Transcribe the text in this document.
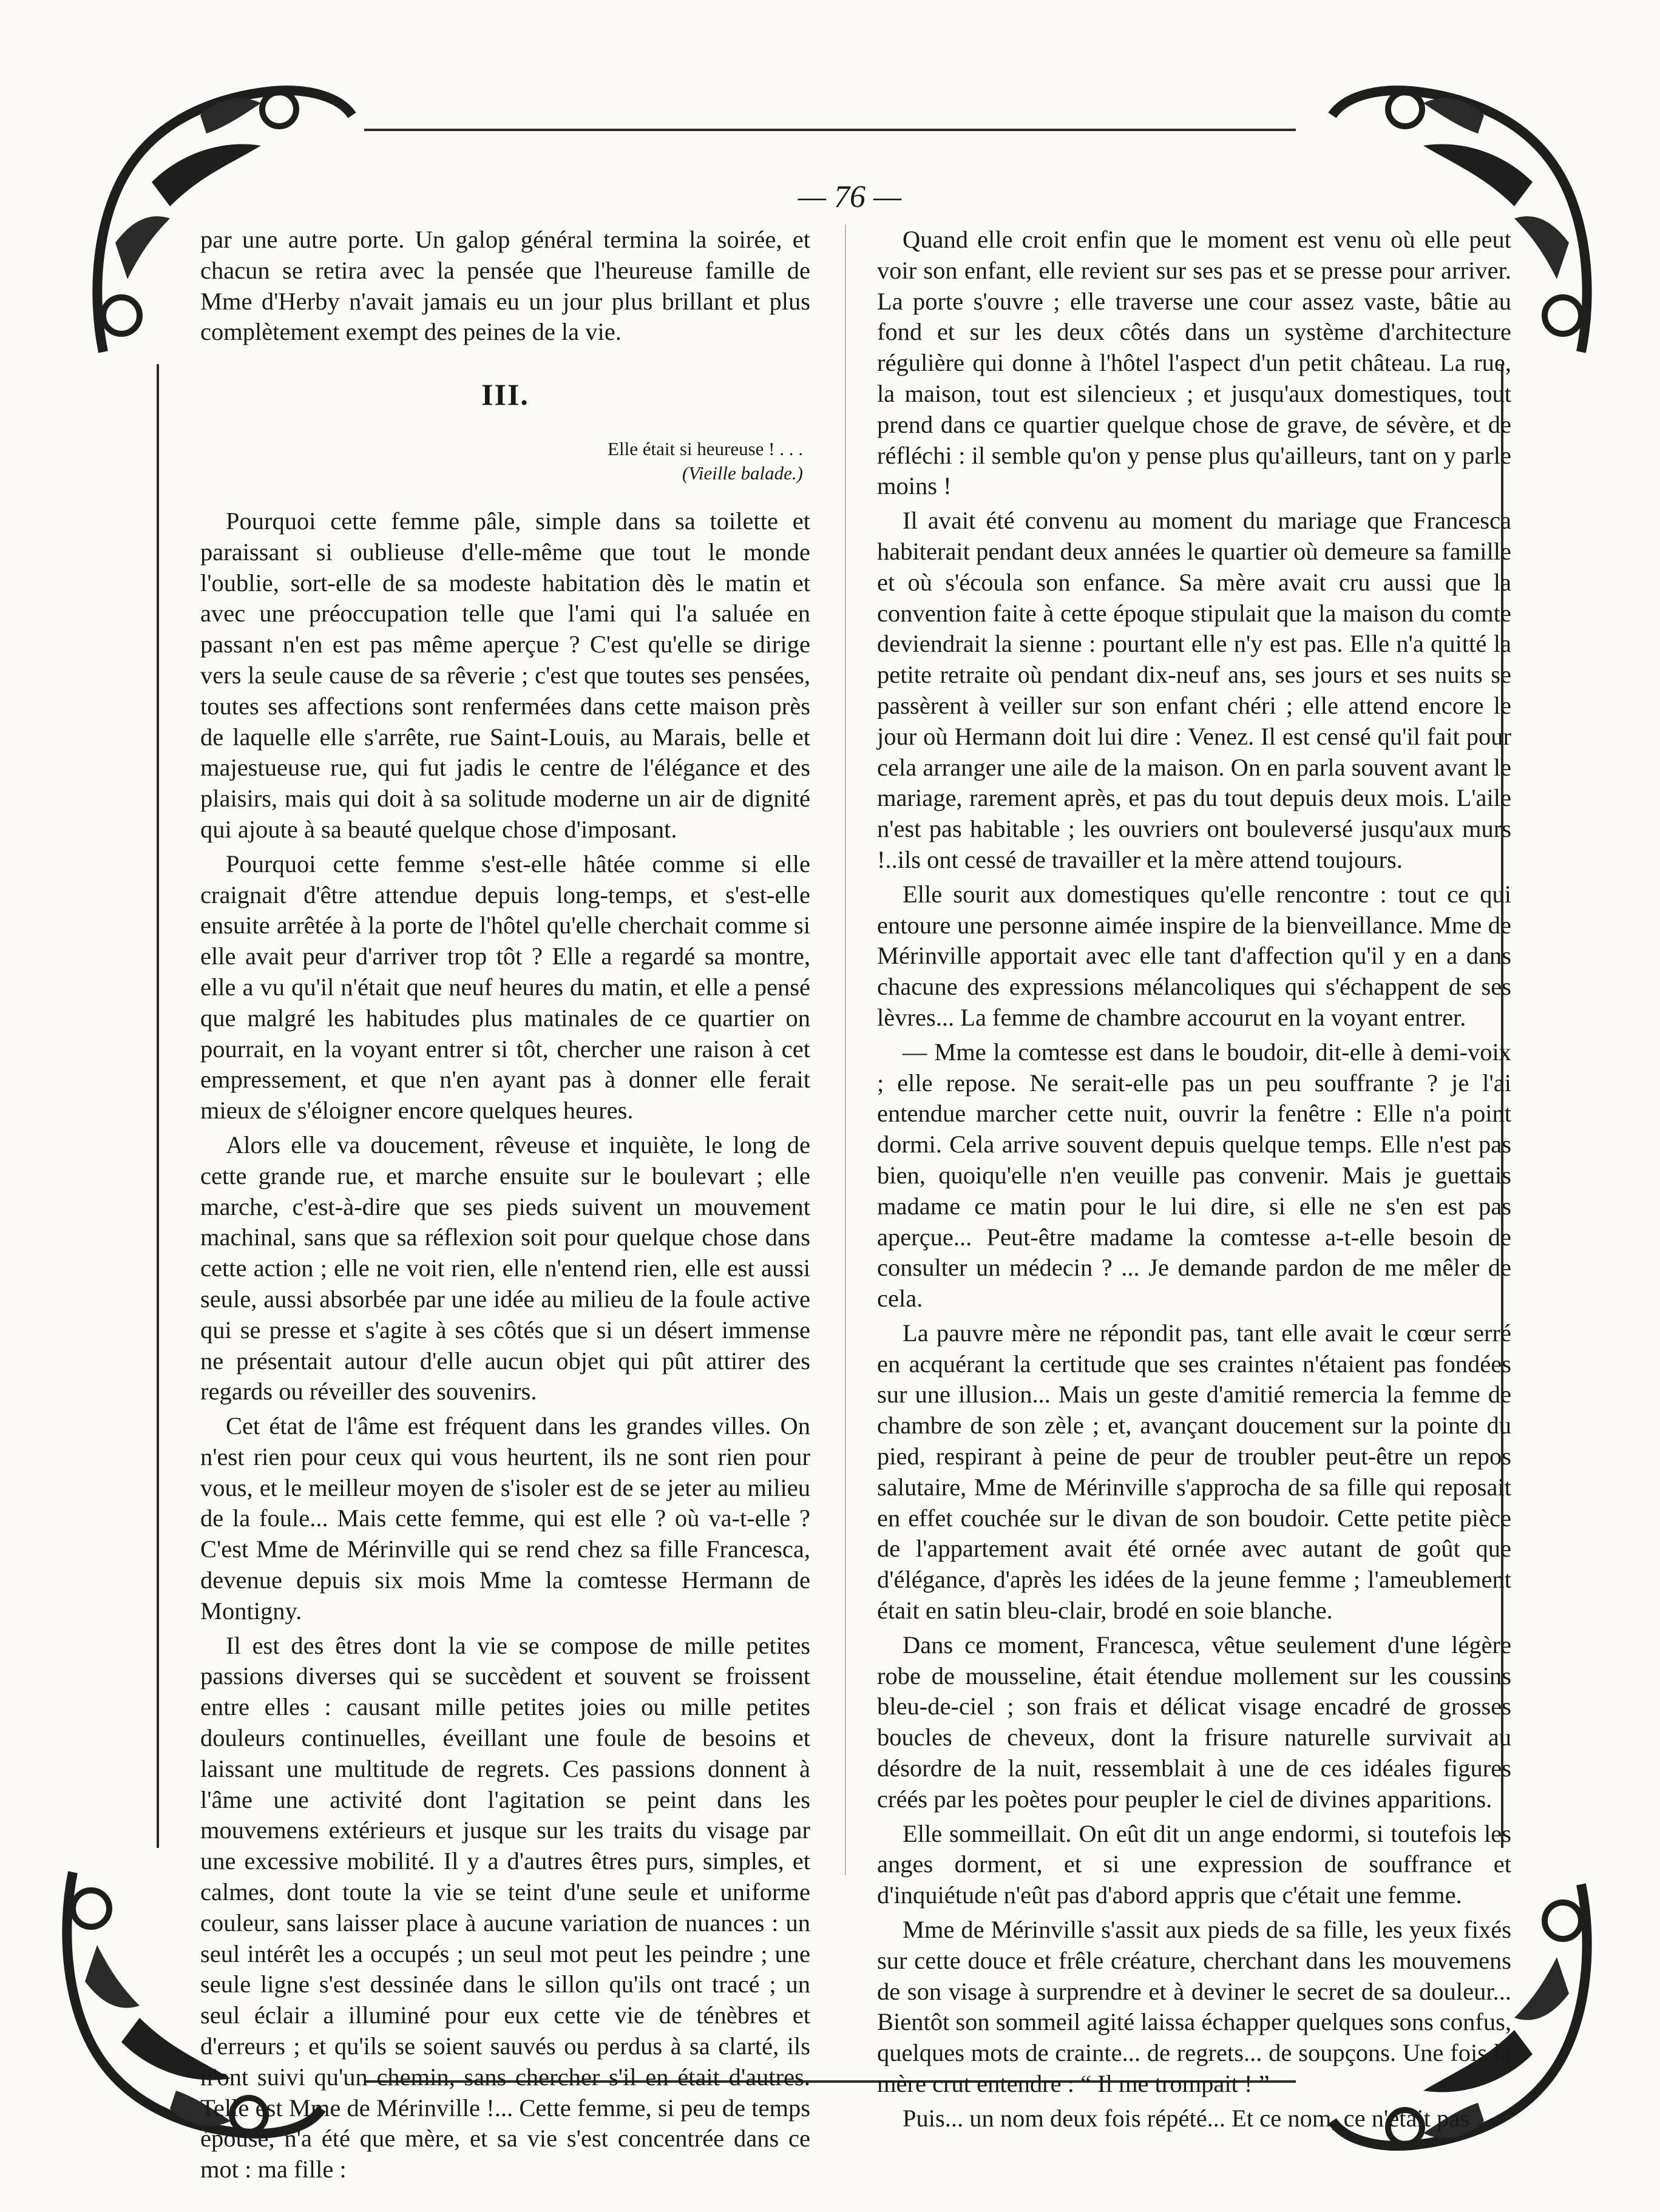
— 76 —

par une autre porte. Un galop général termina la soirée, et chacun se retira avec la pensée que l'heureuse famille de Mme d'Herby n'avait jamais eu un jour plus brillant et plus complètement exempt des peines de la vie.

III.
Elle était si heureuse ! . . .
(Vieille balade.)

Pourquoi cette femme pâle, simple dans sa toilette et paraissant si oublieuse d'elle-même que tout le monde l'oublie, sort-elle de sa modeste habitation dès le matin et avec une préoccupation telle que l'ami qui l'a saluée en passant n'en est pas même aperçue ? C'est qu'elle se dirige vers la seule cause de sa rêverie ; c'est que toutes ses pensées, toutes ses affections sont renfermées dans cette maison près de laquelle elle s'arrête, rue Saint-Louis, au Marais, belle et majestueuse rue, qui fut jadis le centre de l'élégance et des plaisirs, mais qui doit à sa solitude moderne un air de dignité qui ajoute à sa beauté quelque chose d'imposant.

Pourquoi cette femme s'est-elle hâtée comme si elle craignait d'être attendue depuis long-temps, et s'est-elle ensuite arrêtée à la porte de l'hôtel qu'elle cherchait comme si elle avait peur d'arriver trop tôt ? Elle a regardé sa montre, elle a vu qu'il n'était que neuf heures du matin, et elle a pensé que malgré les habitudes plus matinales de ce quartier on pourrait, en la voyant entrer si tôt, chercher une raison à cet empressement, et que n'en ayant pas à donner elle ferait mieux de s'éloigner encore quelques heures.

Alors elle va doucement, rêveuse et inquiète, le long de cette grande rue, et marche ensuite sur le boulevart ; elle marche, c'est-à-dire que ses pieds suivent un mouvement machinal, sans que sa réflexion soit pour quelque chose dans cette action ; elle ne voit rien, elle n'entend rien, elle est aussi seule, aussi absorbée par une idée au milieu de la foule active qui se presse et s'agite à ses côtés que si un désert immense ne présentait autour d'elle aucun objet qui pût attirer des regards ou réveiller des souvenirs.

Cet état de l'âme est fréquent dans les grandes villes. On n'est rien pour ceux qui vous heurtent, ils ne sont rien pour vous, et le meilleur moyen de s'isoler est de se jeter au milieu de la foule... Mais cette femme, qui est elle ? où va-t-elle ? C'est Mme de Mérinville qui se rend chez sa fille Francesca, devenue depuis six mois Mme la comtesse Hermann de Montigny.

Il est des êtres dont la vie se compose de mille petites passions diverses qui se succèdent et souvent se froissent entre elles : causant mille petites joies ou mille petites douleurs continuelles, éveillant une foule de besoins et laissant une multitude de regrets. Ces passions donnent à l'âme une activité dont l'agitation se peint dans les mouvemens extérieurs et jusque sur les traits du visage par une excessive mobilité. Il y a d'autres êtres purs, simples, et calmes, dont toute la vie se teint d'une seule et uniforme couleur, sans laisser place à aucune variation de nuances : un seul intérêt les a occupés ; un seul mot peut les peindre ; une seule ligne s'est dessinée dans le sillon qu'ils ont tracé ; un seul éclair a illuminé pour eux cette vie de ténèbres et d'erreurs ; et qu'ils se soient sauvés ou perdus à sa clarté, ils n'ont suivi qu'un chemin, sans chercher s'il en était d'autres. Telle est Mme de Mérinville !... Cette femme, si peu de temps épouse, n'a été que mère, et sa vie s'est concentrée dans ce mot : ma fille :

Quand elle croit enfin que le moment est venu où elle peut voir son enfant, elle revient sur ses pas et se presse pour arriver. La porte s'ouvre ; elle traverse une cour assez vaste, bâtie au fond et sur les deux côtés dans un système d'architecture régulière qui donne à l'hôtel l'aspect d'un petit château. La rue, la maison, tout est silencieux ; et jusqu'aux domestiques, tout prend dans ce quartier quelque chose de grave, de sévère, et de réfléchi : il semble qu'on y pense plus qu'ailleurs, tant on y parle moins !

Il avait été convenu au moment du mariage que Francesca habiterait pendant deux années le quartier où demeure sa famille et où s'écoula son enfance. Sa mère avait cru aussi que la convention faite à cette époque stipulait que la maison du comte deviendrait la sienne : pourtant elle n'y est pas. Elle n'a quitté la petite retraite où pendant dix-neuf ans, ses jours et ses nuits se passèrent à veiller sur son enfant chéri ; elle attend encore le jour où Hermann doit lui dire : Venez. Il est censé qu'il fait pour cela arranger une aile de la maison. On en parla souvent avant le mariage, rarement après, et pas du tout depuis deux mois. L'aile n'est pas habitable ; les ouvriers ont bouleversé jusqu'aux murs !..ils ont cessé de travailler et la mère attend toujours.

Elle sourit aux domestiques qu'elle rencontre : tout ce qui entoure une personne aimée inspire de la bienveillance. Mme de Mérinville apportait avec elle tant d'affection qu'il y en a dans chacune des expressions mélancoliques qui s'échappent de ses lèvres... La femme de chambre accourut en la voyant entrer.

— Mme la comtesse est dans le boudoir, dit-elle à demi-voix ; elle repose. Ne serait-elle pas un peu souffrante ? je l'ai entendue marcher cette nuit, ouvrir la fenêtre : Elle n'a point dormi. Cela arrive souvent depuis quelque temps. Elle n'est pas bien, quoiqu'elle n'en veuille pas convenir. Mais je guettais madame ce matin pour le lui dire, si elle ne s'en est pas aperçue... Peut-être madame la comtesse a-t-elle besoin de consulter un médecin ? ... Je demande pardon de me mêler de cela.

La pauvre mère ne répondit pas, tant elle avait le cœur serré en acquérant la certitude que ses craintes n'étaient pas fondées sur une illusion... Mais un geste d'amitié remercia la femme de chambre de son zèle ; et, avançant doucement sur la pointe du pied, respirant à peine de peur de troubler peut-être un repos salutaire, Mme de Mérinville s'approcha de sa fille qui reposait en effet couchée sur le divan de son boudoir. Cette petite pièce de l'appartement avait été ornée avec autant de goût que d'élégance, d'après les idées de la jeune femme ; l'ameublement était en satin bleu-clair, brodé en soie blanche.

Dans ce moment, Francesca, vêtue seulement d'une légère robe de mousseline, était étendue mollement sur les coussins bleu-de-ciel ; son frais et délicat visage encadré de grosses boucles de cheveux, dont la frisure naturelle survivait au désordre de la nuit, ressemblait à une de ces idéales figures créés par les poètes pour peupler le ciel de divines apparitions.

Elle sommeillait. On eût dit un ange endormi, si toutefois les anges dorment, et si une expression de souffrance et d'inquiétude n'eût pas d'abord appris que c'était une femme.

Mme de Mérinville s'assit aux pieds de sa fille, les yeux fixés sur cette douce et frêle créature, cherchant dans les mouvemens de son visage à surprendre et à deviner le secret de sa douleur... Bientôt son sommeil agité laissa échapper quelques sons confus, quelques mots de crainte... de regrets... de soupçons. Une fois la mère crut entendre : “ Il me trompait ! ”

Puis... un nom deux fois répété... Et ce nom, ce n'était pas
